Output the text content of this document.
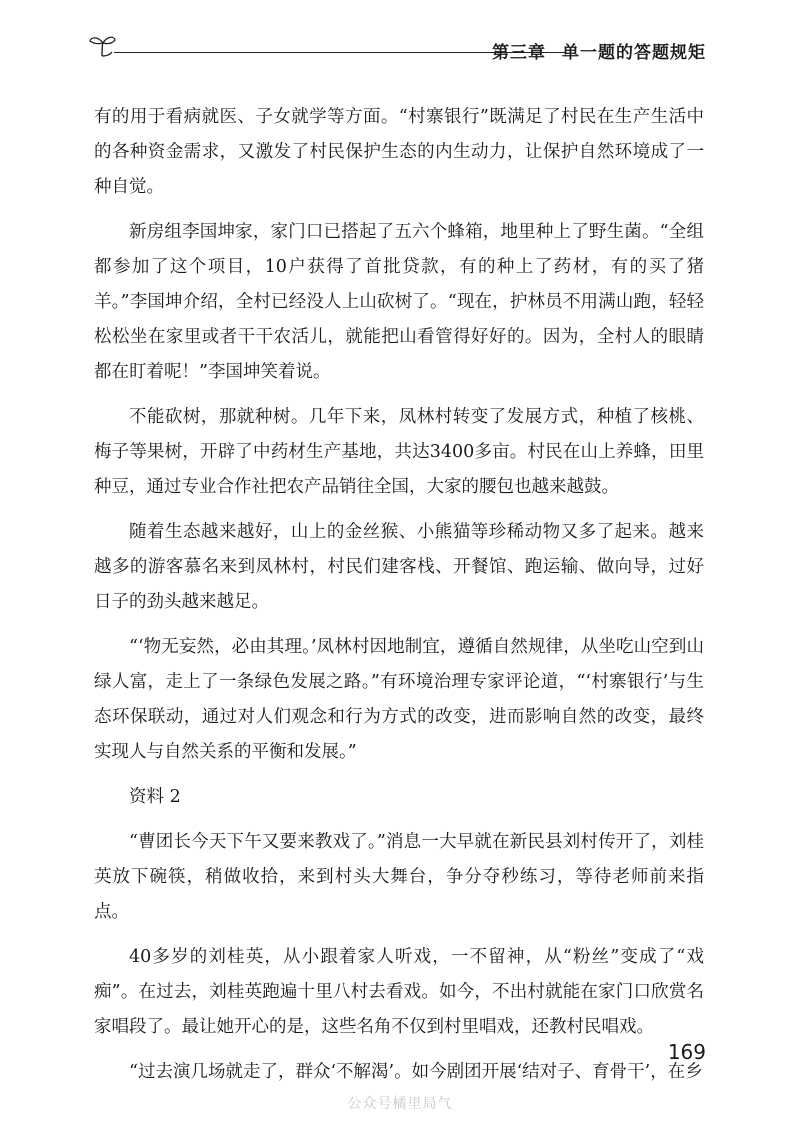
第三章 单一题的答题规矩

有的用于看病就医、子女就学等方面。“村寨银行”既满足了村民在生产生活中的各种资金需求，又激发了村民保护生态的内生动力，让保护自然环境成了一种自觉。

新房组李国坤家，家门口已搭起了五六个蜂箱，地里种上了野生菌。“全组都参加了这个项目，10户获得了首批贷款，有的种上了药材，有的买了猪羊。”李国坤介绍，全村已经没人上山砍树了。“现在，护林员不用满山跑，轻轻松松坐在家里或者干干农活儿，就能把山看管得好好的。因为，全村人的眼睛都在盯着呢！”李国坤笑着说。

不能砍树，那就种树。几年下来，凤林村转变了发展方式，种植了核桃、梅子等果树，开辟了中药材生产基地，共达3400多亩。村民在山上养蜂，田里种豆，通过专业合作社把农产品销往全国，大家的腰包也越来越鼓。

随着生态越来越好，山上的金丝猴、小熊猫等珍稀动物又多了起来。越来越多的游客慕名来到凤林村，村民们建客栈、开餐馆、跑运输、做向导，过好日子的劲头越来越足。

“‘物无妄然，必由其理。’凤林村因地制宜，遵循自然规律，从坐吃山空到山绿人富，走上了一条绿色发展之路。”有环境治理专家评论道，“‘村寨银行’与生态环保联动，通过对人们观念和行为方式的改变，进而影响自然的改变，最终实现人与自然关系的平衡和发展。”

资料 2

“曹团长今天下午又要来教戏了。”消息一大早就在新民县刘村传开了，刘桂英放下碗筷，稍做收拾，来到村头大舞台，争分夺秒练习，等待老师前来指点。

40多岁的刘桂英，从小跟着家人听戏，一不留神，从“粉丝”变成了“戏痴”。在过去，刘桂英跑遍十里八村去看戏。如今，不出村就能在家门口欣赏名家唱段了。最让她开心的是，这些名角不仅到村里唱戏，还教村民唱戏。

“过去演几场就走了，群众‘不解渴’。如今剧团开展‘结对子、育骨干’，在乡

169
公众号橘里局气
